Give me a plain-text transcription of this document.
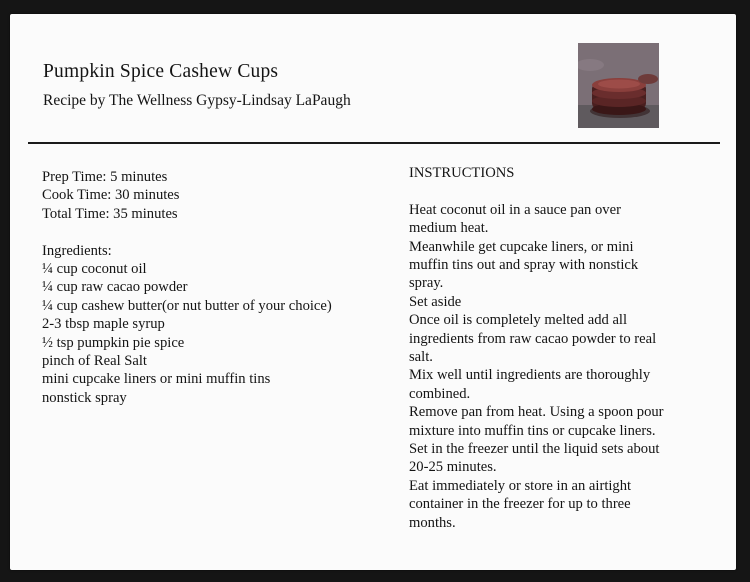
Pumpkin Spice Cashew Cups
Recipe by The Wellness Gypsy-Lindsay LaPaugh
Prep Time: 5 minutes
Cook Time: 30 minutes
Total Time: 35 minutes
Ingredients:
¼ cup coconut oil
¼ cup raw cacao powder
¼ cup cashew butter(or nut butter of your choice)
2-3 tbsp maple syrup
½ tsp pumpkin pie spice
pinch of Real Salt
mini cupcake liners or mini muffin tins
nonstick spray
INSTRUCTIONS
Heat coconut oil in a sauce pan over
medium heat.
Meanwhile get cupcake liners, or mini
muffin tins out and spray with nonstick
spray.
Set aside
Once oil is completely melted add all
ingredients from raw cacao powder to real
salt.
Mix well until ingredients are thoroughly
combined.
Remove pan from heat. Using a spoon pour
mixture into muffin tins or cupcake liners.
Set in the freezer until the liquid sets about
20-25 minutes.
Eat immediately or store in an airtight
container in the freezer for up to three
months.
